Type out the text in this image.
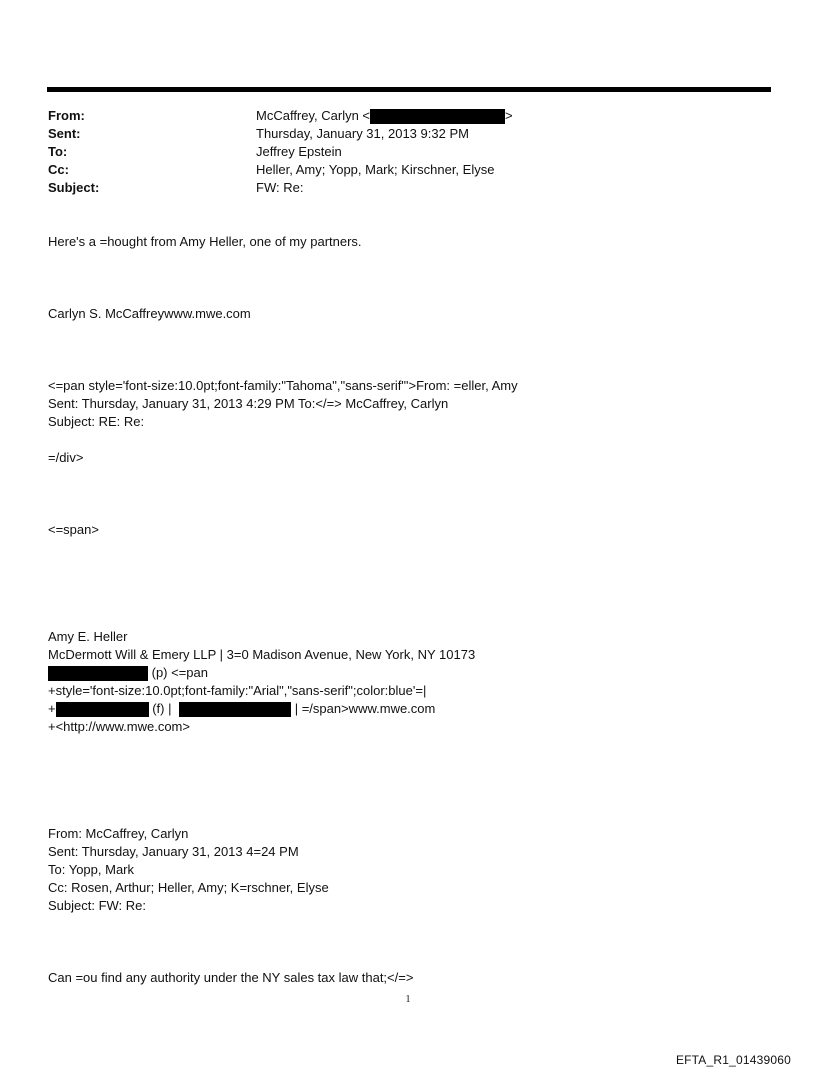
From:	McCaffrey, Carlyn <	>
Sent:	Thursday, January 31, 2013 9:32 PM
To:	Jeffrey Epstein
Cc:	Heller, Amy; Yopp, Mark; Kirschner, Elyse
Subject:	FW: Re:
Here's a =hought from Amy Heller, one of my partners.
Carlyn S. McCaffreywww.mwe.com
<=pan style='font-size:10.0pt;font-family:"Tahoma","sans-serif"'>From: =eller, Amy
Sent: Thursday, January 31, 2013 4:29 PM To:</=> McCaffrey, Carlyn
Subject: RE: Re:
=/div>
<=span>
Amy E. Heller
McDermott Will & Emery LLP | 3=0 Madison Avenue, New York, NY 10173
(p) <=pan
+style='font-size:10.0pt;font-family:"Arial","sans-serif";color:blue'=|
+	(f) |	| =/span>www.mwe.com
+<http://www.mwe.com>
From: McCaffrey, Carlyn
Sent: Thursday, January 31, 2013 4=24 PM
To: Yopp, Mark
Cc: Rosen, Arthur; Heller, Amy; K=rschner, Elyse
Subject: FW: Re:
Can =ou find any authority under the NY sales tax law that;</=>
1
EFTA_R1_01439060
